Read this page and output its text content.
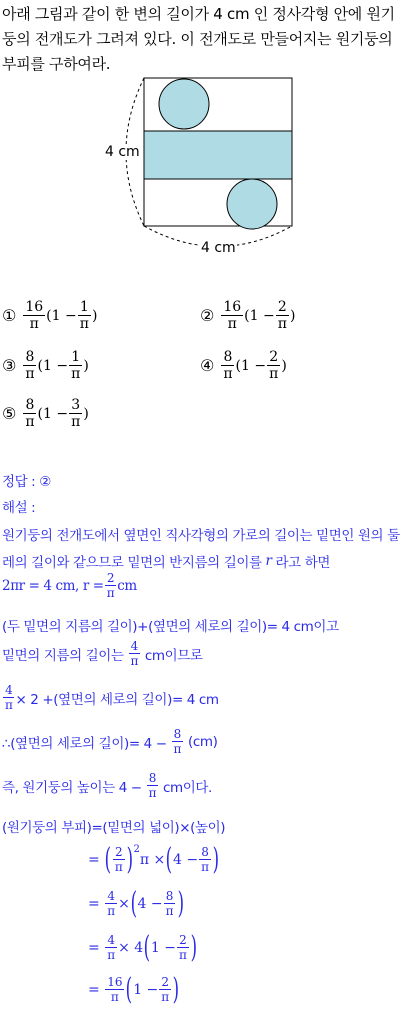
아래 그림과 같이 한 변의 길이가 4 cm 인 정사각형 안에 원기둥의 전개도가 그려져 있다. 이 전개도로 만들어지는 원기둥의 부피를 구하여라.
4 cm
4 cm
① $\frac{16}{\pi} (1 - \frac{1}{\pi}$ )	② $\frac{16}{\pi} (1 - \frac{2}{\pi}$ )
③ $\frac{8}{\pi} (1 - \frac{1}{\pi}$ )	④ $\frac{8}{\pi} (1 - \frac{2}{\pi}$ )
⑤ $\frac{8}{\pi} (1 - \frac{3}{\pi}$ )
정답 : ②
해설 :
원기둥의 전개도에서 옆면인 직사각형의 가로의 길이는 밑면인 원의 둘
레의 길이와 같으므로 밑면의 반지름의 길이를
r
라고 하면
2πr = 4 cm, $r = \frac{2}{\pi}$ cm
(두 밑면의 지름의 길이)+(옆면의 세로의 길이)= 4 cm이고
밑면의 지름의 길이는
$\frac{4}{\pi}$
cm이므로
$\frac{4}{\pi} \times 2$ +(옆면의 세로의 길이)= 4 cm
∴(옆면의 세로의 길이)= 4 −
$\frac{8}{\pi}$
(cm)
즉, 원기둥의 높이는 4 −
$\frac{8}{\pi}$
cm이다.
(원기둥의 부피)=(밑면의 넓이)×(높이)
=
( $\frac{2}{\pi} )^2$
π × ( $4 - \frac{8}{\pi}$ )
=
$\frac{4}{\pi}$ × ( $4 - \frac{8}{\pi}$ )
=
$\frac{4}{\pi} \times 4$ ( $1 - \frac{2}{\pi}$ )
=
$\frac{16}{\pi}$ ( $1 - \frac{2}{\pi}$ )
